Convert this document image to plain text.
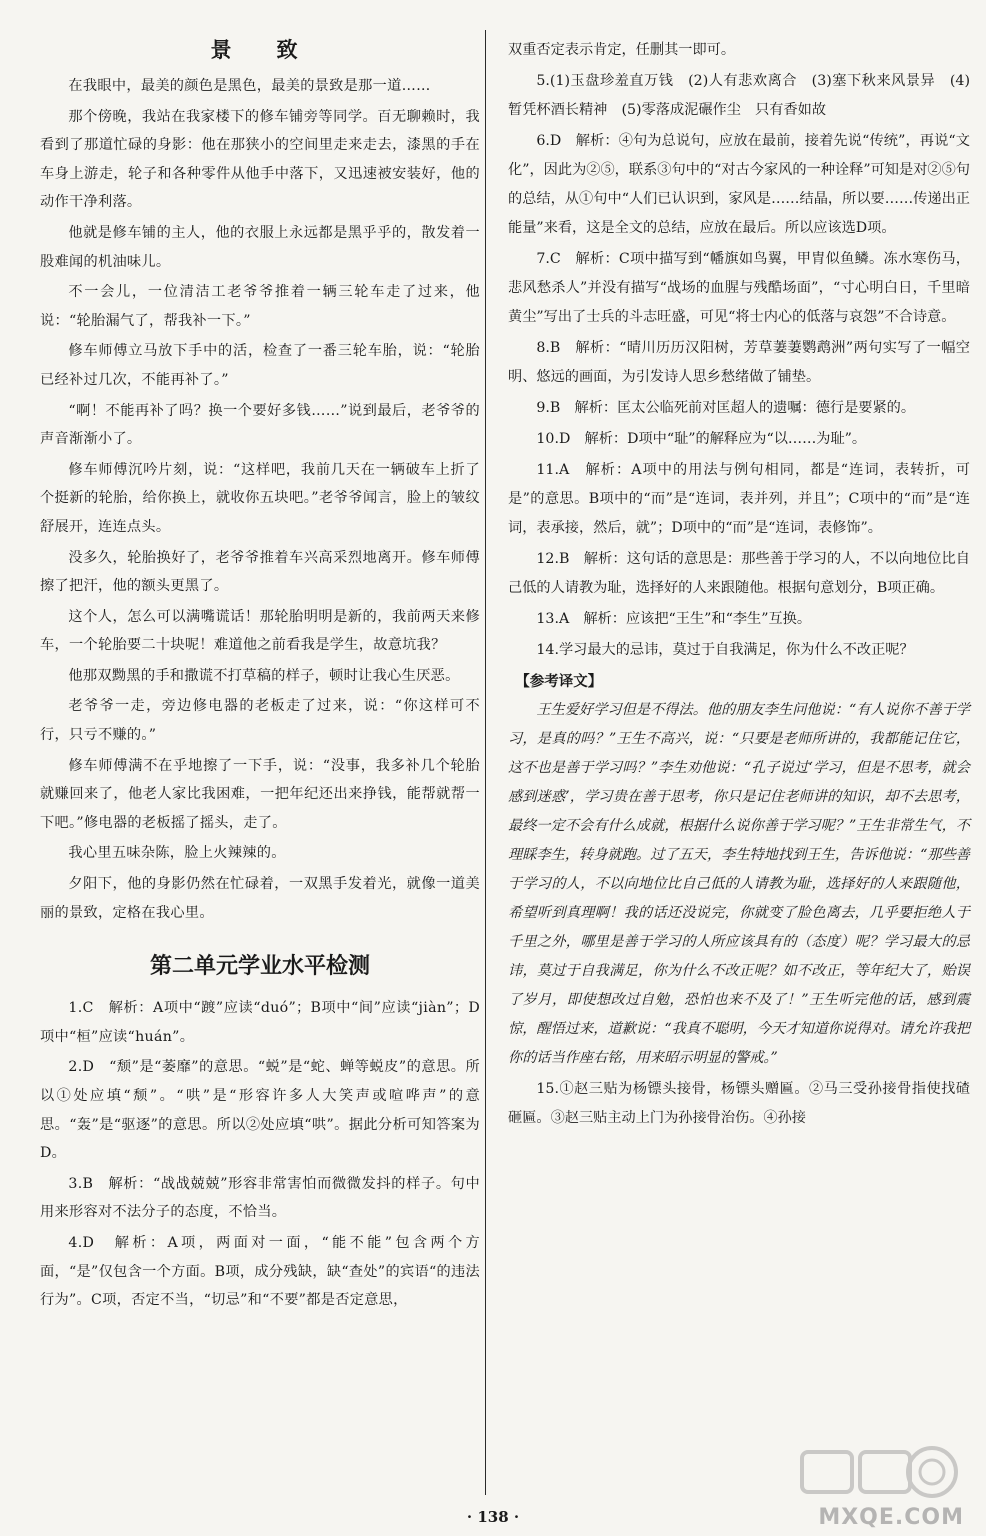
景　致

在我眼中，最美的颜色是黑色，最美的景致是那一道……

那个傍晚，我站在我家楼下的修车铺旁等同学。百无聊赖时，我看到了那道忙碌的身影：他在那狭小的空间里走来走去，漆黑的手在车身上游走，轮子和各种零件从他手中落下，又迅速被安装好，他的动作干净利落。

他就是修车铺的主人，他的衣服上永远都是黑乎乎的，散发着一股难闻的机油味儿。

不一会儿，一位清洁工老爷爷推着一辆三轮车走了过来，他说：“轮胎漏气了，帮我补一下。”

修车师傅立马放下手中的活，检查了一番三轮车胎，说：“轮胎已经补过几次，不能再补了。”

“啊！不能再补了吗？换一个要好多钱……”说到最后，老爷爷的声音渐渐小了。

修车师傅沉吟片刻，说：“这样吧，我前几天在一辆破车上折了个挺新的轮胎，给你换上，就收你五块吧。”老爷爷闻言，脸上的皱纹舒展开，连连点头。

没多久，轮胎换好了，老爷爷推着车兴高采烈地离开。修车师傅擦了把汗，他的额头更黑了。

这个人，怎么可以满嘴谎话！那轮胎明明是新的，我前两天来修车，一个轮胎要二十块呢！难道他之前看我是学生，故意坑我？

他那双黝黑的手和撒谎不打草稿的样子，顿时让我心生厌恶。

老爷爷一走，旁边修电器的老板走了过来，说：“你这样可不行，只亏不赚的。”

修车师傅满不在乎地擦了一下手，说：“没事，我多补几个轮胎就赚回来了，他老人家比我困难，一把年纪还出来挣钱，能帮就帮一下吧。”修电器的老板摇了摇头，走了。

我心里五味杂陈，脸上火辣辣的。

夕阳下，他的身影仍然在忙碌着，一双黑手发着光，就像一道美丽的景致，定格在我心里。

第二单元学业水平检测

1.C　解析：A项中“踱”应读“duó”；B项中“间”应读“jiàn”；D项中“桓”应读“huán”。

2.D　“颓”是“萎靡”的意思。“蜕”是“蛇、蝉等蜕皮”的意思。所以①处应填“颓”。“哄”是“形容许多人大笑声或喧哗声”的意思。“轰”是“驱逐”的意思。所以②处应填“哄”。据此分析可知答案为D。

3.B　解析：“战战兢兢”形容非常害怕而微微发抖的样子。句中用来形容对不法分子的态度，不恰当。

4.D　解析：A项，两面对一面，“能不能”包含两个方面，“是”仅包含一个方面。B项，成分残缺，缺“查处”的宾语“的违法行为”。C项，否定不当，“切忌”和“不要”都是否定意思，

双重否定表示肯定，任删其一即可。

5.(1)玉盘珍羞直万钱　(2)人有悲欢离合　(3)塞下秋来风景异　(4)暂凭杯酒长精神　(5)零落成泥碾作尘　只有香如故

6.D　解析：④句为总说句，应放在最前，接着先说“传统”，再说“文化”，因此为②⑤，联系③句中的“对古今家风的一种诠释”可知是对②⑤句的总结，从①句中“人们已认识到，家风是……结晶，所以要……传递出正能量”来看，这是全文的总结，应放在最后。所以应该选D项。

7.C　解析：C项中描写到“幡旗如鸟翼，甲胄似鱼鳞。冻水寒伤马，悲风愁杀人”并没有描写“战场的血腥与残酷场面”，“寸心明白日，千里暗黄尘”写出了士兵的斗志旺盛，可见“将士内心的低落与哀怨”不合诗意。

8.B　解析：“晴川历历汉阳树，芳草萋萋鹦鹉洲”两句实写了一幅空明、悠远的画面，为引发诗人思乡愁绪做了铺垫。

9.B　解析：匡太公临死前对匡超人的遗嘱：德行是要紧的。

10.D　解析：D项中“耻”的解释应为“以……为耻”。

11.A　解析：A项中的用法与例句相同，都是“连词，表转折，可是”的意思。B项中的“而”是“连词，表并列，并且”；C项中的“而”是“连词，表承接，然后，就”；D项中的“而”是“连词，表修饰”。

12.B　解析：这句话的意思是：那些善于学习的人，不以向地位比自己低的人请教为耻，选择好的人来跟随他。根据句意划分，B项正确。

13.A　解析：应该把“王生”和“李生”互换。

14.学习最大的忌讳，莫过于自我满足，你为什么不改正呢？

【参考译文】

王生爱好学习但是不得法。他的朋友李生问他说：“有人说你不善于学习，是真的吗？”王生不高兴，说：“只要是老师所讲的，我都能记住它，这不也是善于学习吗？”李生劝他说：“孔子说过‘学习，但是不思考，就会感到迷惑’，学习贵在善于思考，你只是记住老师讲的知识，却不去思考，最终一定不会有什么成就，根据什么说你善于学习呢？”王生非常生气，不理睬李生，转身就跑。过了五天，李生特地找到王生，告诉他说：“那些善于学习的人，不以向地位比自己低的人请教为耻，选择好的人来跟随他，希望听到真理啊！我的话还没说完，你就变了脸色离去，几乎要拒绝人于千里之外，哪里是善于学习的人所应该具有的（态度）呢？学习最大的忌讳，莫过于自我满足，你为什么不改正呢？如不改正，等年纪大了，贻误了岁月，即使想改过自勉，恐怕也来不及了！”王生听完他的话，感到震惊，醒悟过来，道歉说：“我真不聪明，今天才知道你说得对。请允许我把你的话当作座右铭，用来昭示明显的警戒。”

15.①赵三贴为杨镖头接骨，杨镖头赠匾。②马三受孙接骨指使找碴砸匾。③赵三贴主动上门为孙接骨治伤。④孙接

· 138 ·	MXQE.COM
